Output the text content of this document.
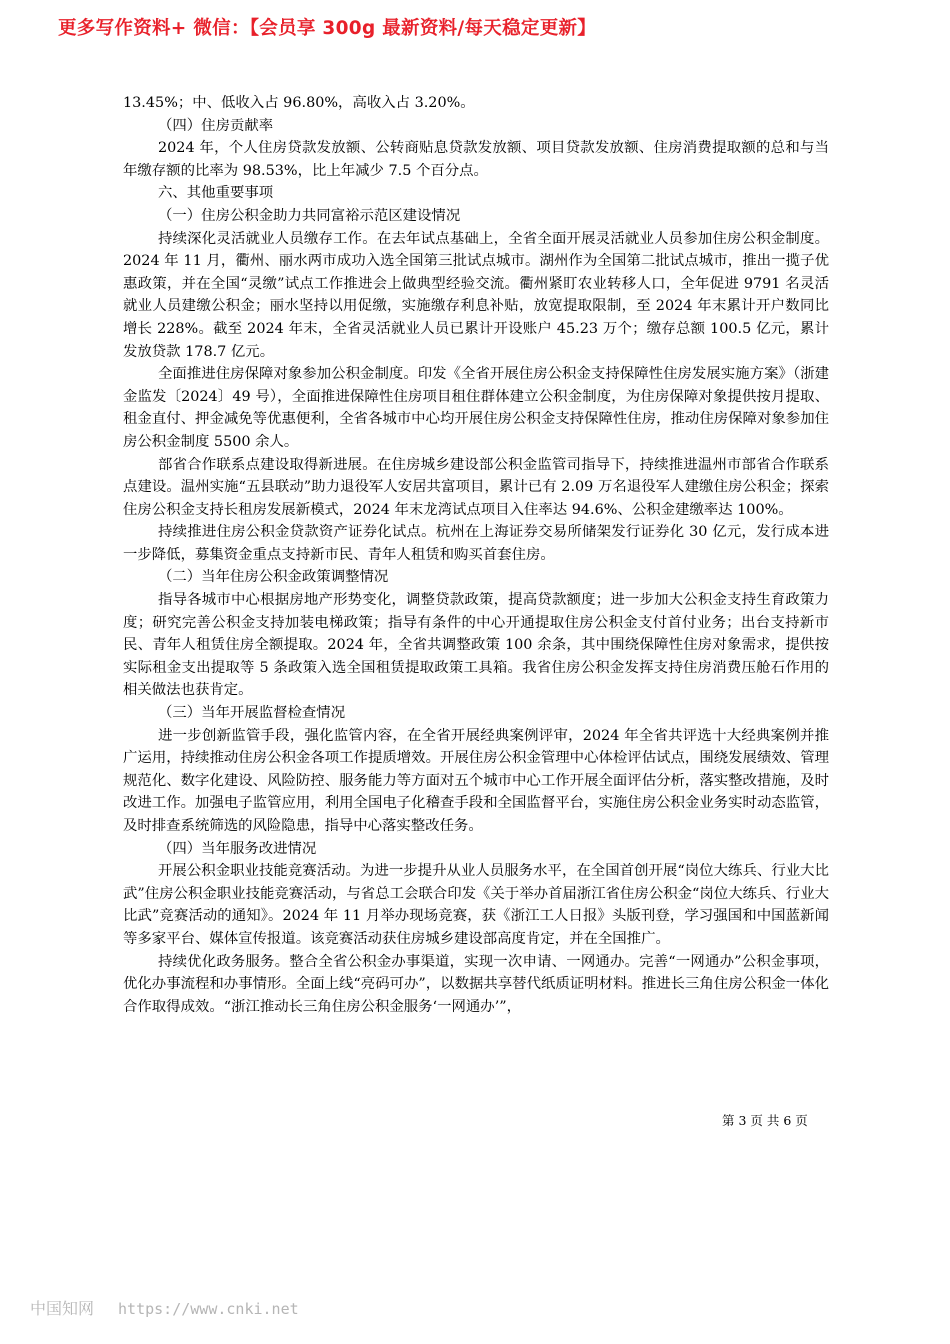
更多写作资料+ 微信：【会员享 300g 最新资料/每天稳定更新】

13.45%；中、低收入占 96.80%，高收入占 3.20%。

（四）住房贡献率

2024 年，个人住房贷款发放额、公转商贴息贷款发放额、项目贷款发放额、住房消费提取额的总和与当年缴存额的比率为 98.53%，比上年减少 7.5 个百分点。

六、其他重要事项

（一）住房公积金助力共同富裕示范区建设情况

持续深化灵活就业人员缴存工作。在去年试点基础上，全省全面开展灵活就业人员参加住房公积金制度。2024 年 11 月，衢州、丽水两市成功入选全国第三批试点城市。湖州作为全国第二批试点城市，推出一揽子优惠政策，并在全国“灵缴”试点工作推进会上做典型经验交流。衢州紧盯农业转移人口，全年促进 9791 名灵活就业人员建缴公积金；丽水坚持以用促缴，实施缴存利息补贴，放宽提取限制，至 2024 年末累计开户数同比增长 228%。截至 2024 年末，全省灵活就业人员已累计开设账户 45.23 万个；缴存总额 100.5 亿元，累计发放贷款 178.7 亿元。

全面推进住房保障对象参加公积金制度。印发《全省开展住房公积金支持保障性住房发展实施方案》（浙建金监发〔2024〕49 号），全面推进保障性住房项目租住群体建立公积金制度，为住房保障对象提供按月提取、租金直付、押金减免等优惠便利，全省各城市中心均开展住房公积金支持保障性住房，推动住房保障对象参加住房公积金制度 5500 余人。

部省合作联系点建设取得新进展。在住房城乡建设部公积金监管司指导下，持续推进温州市部省合作联系点建设。温州实施“五县联动”助力退役军人安居共富项目，累计已有 2.09 万名退役军人建缴住房公积金；探索住房公积金支持长租房发展新模式，2024 年末龙湾试点项目入住率达 94.6%、公积金建缴率达 100%。

持续推进住房公积金贷款资产证券化试点。杭州在上海证券交易所储架发行证券化 30 亿元，发行成本进一步降低，募集资金重点支持新市民、青年人租赁和购买首套住房。

（二）当年住房公积金政策调整情况

指导各城市中心根据房地产形势变化，调整贷款政策，提高贷款额度；进一步加大公积金支持生育政策力度；研究完善公积金支持加装电梯政策；指导有条件的中心开通提取住房公积金支付首付业务；出台支持新市民、青年人租赁住房全额提取。2024 年，全省共调整政策 100 余条，其中围绕保障性住房对象需求，提供按实际租金支出提取等 5 条政策入选全国租赁提取政策工具箱。我省住房公积金发挥支持住房消费压舱石作用的相关做法也获肯定。

（三）当年开展监督检查情况

进一步创新监管手段，强化监管内容，在全省开展经典案例评审，2024 年全省共评选十大经典案例并推广运用，持续推动住房公积金各项工作提质增效。开展住房公积金管理中心体检评估试点，围绕发展绩效、管理规范化、数字化建设、风险防控、服务能力等方面对五个城市中心工作开展全面评估分析，落实整改措施，及时改进工作。加强电子监管应用，利用全国电子化稽查手段和全国监督平台，实施住房公积金业务实时动态监管，及时排查系统筛选的风险隐患，指导中心落实整改任务。

（四）当年服务改进情况

开展公积金职业技能竞赛活动。为进一步提升从业人员服务水平，在全国首创开展“岗位大练兵、行业大比武”住房公积金职业技能竞赛活动，与省总工会联合印发《关于举办首届浙江省住房公积金“岗位大练兵、行业大比武”竞赛活动的通知》。2024 年 11 月举办现场竞赛，获《浙江工人日报》头版刊登，学习强国和中国蓝新闻等多家平台、媒体宣传报道。该竞赛活动获住房城乡建设部高度肯定，并在全国推广。

持续优化政务服务。整合全省公积金办事渠道，实现一次申请、一网通办。完善“一网通办”公积金事项，优化办事流程和办事情形。全面上线“亮码可办”，以数据共享替代纸质证明材料。推进长三角住房公积金一体化合作取得成效。“浙江推动长三角住房公积金服务‘一网通办’”，

第 3 页 共 6 页
中国知网 https://www.cnki.net
